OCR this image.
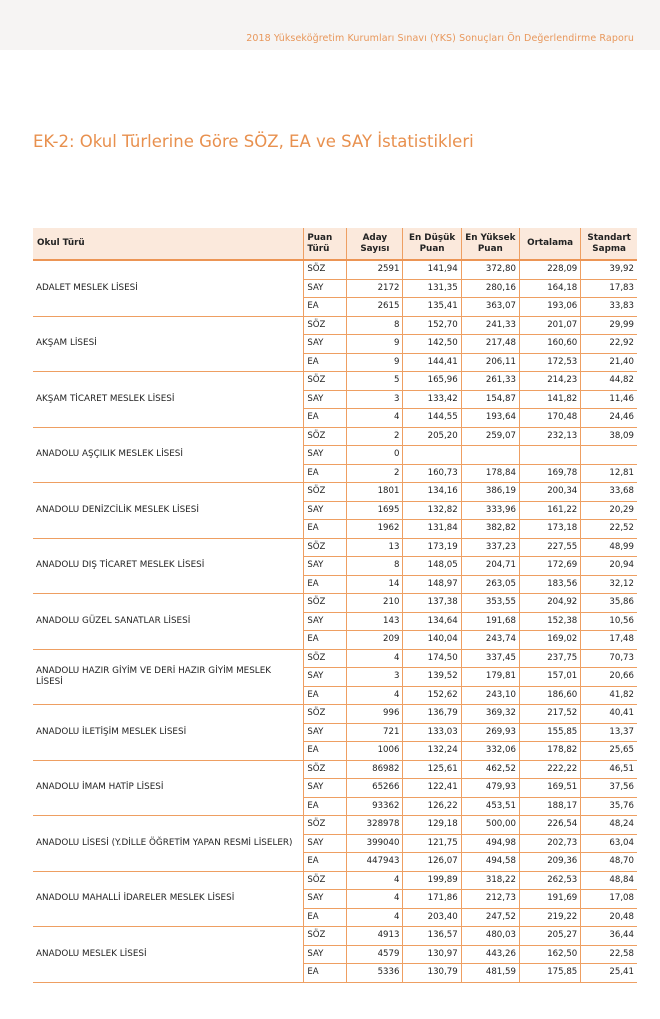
2018 Yükseköğretim Kurumları Sınavı (YKS) Sonuçları Ön Değerlendirme Raporu
EK-2: Okul Türlerine Göre SÖZ, EA ve SAY İstatistikleri
Okul Türü	Puan Türü	Aday Sayısı	En Düşük Puan	En Yüksek Puan	Ortalama	Standart Sapma
ADALET MESLEK LİSESİ	SÖZ	2591	141,94	372,80	228,09	39,92
	SAY	2172	131,35	280,16	164,18	17,83
	EA	2615	135,41	363,07	193,06	33,83
AKŞAM LİSESİ	SÖZ	8	152,70	241,33	201,07	29,99
	SAY	9	142,50	217,48	160,60	22,92
	EA	9	144,41	206,11	172,53	21,40
AKŞAM TİCARET MESLEK LİSESİ	SÖZ	5	165,96	261,33	214,23	44,82
	SAY	3	133,42	154,87	141,82	11,46
	EA	4	144,55	193,64	170,48	24,46
ANADOLU AŞÇILIK MESLEK LİSESİ	SÖZ	2	205,20	259,07	232,13	38,09
	SAY	0				
	EA	2	160,73	178,84	169,78	12,81
ANADOLU DENİZCİLİK MESLEK LİSESİ	SÖZ	1801	134,16	386,19	200,34	33,68
	SAY	1695	132,82	333,96	161,22	20,29
	EA	1962	131,84	382,82	173,18	22,52
ANADOLU DIŞ TİCARET MESLEK LİSESİ	SÖZ	13	173,19	337,23	227,55	48,99
	SAY	8	148,05	204,71	172,69	20,94
	EA	14	148,97	263,05	183,56	32,12
ANADOLU GÜZEL SANATLAR LİSESİ	SÖZ	210	137,38	353,55	204,92	35,86
	SAY	143	134,64	191,68	152,38	10,56
	EA	209	140,04	243,74	169,02	17,48
ANADOLU HAZIR GİYİM VE DERİ HAZIR GİYİM MESLEK LİSESİ	SÖZ	4	174,50	337,45	237,75	70,73
	SAY	3	139,52	179,81	157,01	20,66
	EA	4	152,62	243,10	186,60	41,82
ANADOLU İLETİŞİM MESLEK LİSESİ	SÖZ	996	136,79	369,32	217,52	40,41
	SAY	721	133,03	269,93	155,85	13,37
	EA	1006	132,24	332,06	178,82	25,65
ANADOLU İMAM HATİP LİSESİ	SÖZ	86982	125,61	462,52	222,22	46,51
	SAY	65266	122,41	479,93	169,51	37,56
	EA	93362	126,22	453,51	188,17	35,76
ANADOLU LİSESİ (Y.DİLLE ÖĞRETİM YAPAN RESMİ LİSELER)	SÖZ	328978	129,18	500,00	226,54	48,24
	SAY	399040	121,75	494,98	202,73	63,04
	EA	447943	126,07	494,58	209,36	48,70
ANADOLU MAHALLİ İDARELER MESLEK LİSESİ	SÖZ	4	199,89	318,22	262,53	48,84
	SAY	4	171,86	212,73	191,69	17,08
	EA	4	203,40	247,52	219,22	20,48
ANADOLU MESLEK LİSESİ	SÖZ	4913	136,57	480,03	205,27	36,44
	SAY	4579	130,97	443,26	162,50	22,58
	EA	5336	130,79	481,59	175,85	25,41
